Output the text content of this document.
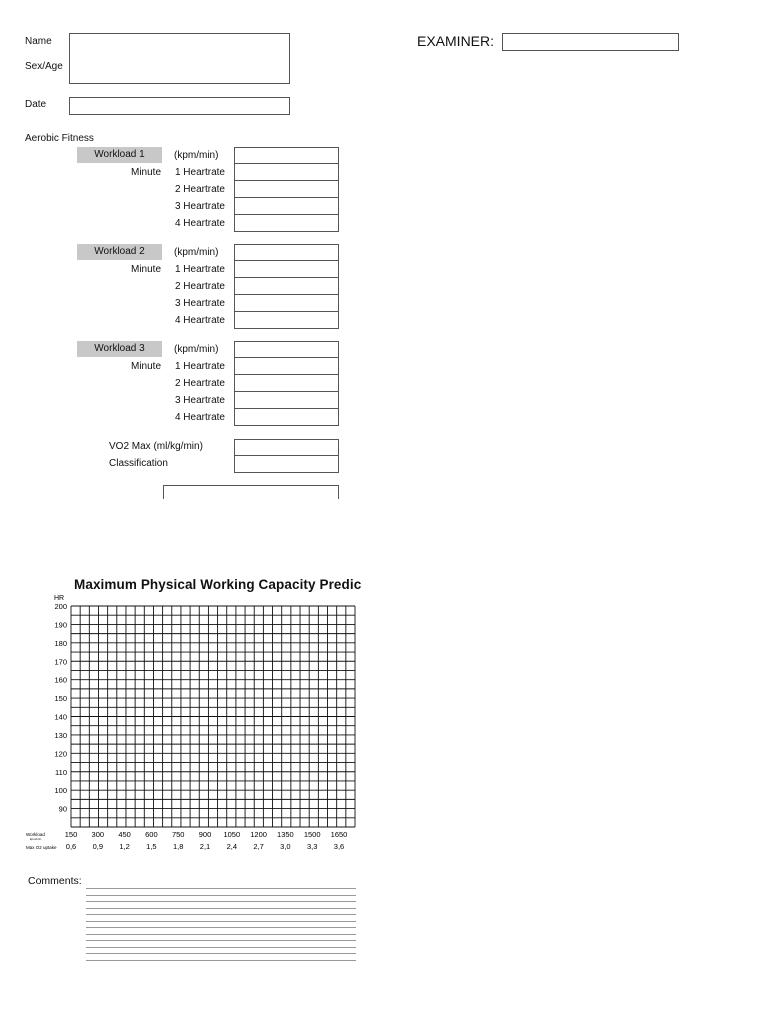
Name
Sex/Age
Date
EXAMINER:
Aerobic Fitness
Workload 1	(kpm/min)
Minute	1 Heartrate
2 Heartrate
3 Heartrate
4 Heartrate
Workload 2	(kpm/min)
Minute	1 Heartrate
2 Heartrate
3 Heartrate
4 Heartrate
Workload 3	(kpm/min)
Minute	1 Heartrate
2 Heartrate
3 Heartrate
4 Heartrate
VO2 Max (ml/kg/min)
Classification
Maximum Physical Working Capacity Predic
HR
200
190
180
170
160
150
140
130
120
110
100
90
Workload
kpm/min
Max O2 uptake
150 300 450 600 750 900 1050 1200 1350 1500 1650
0,6 0,9 1,2 1,5 1,8 2,1 2,4 2,7 3,0 3,3 3,6
Comments:
